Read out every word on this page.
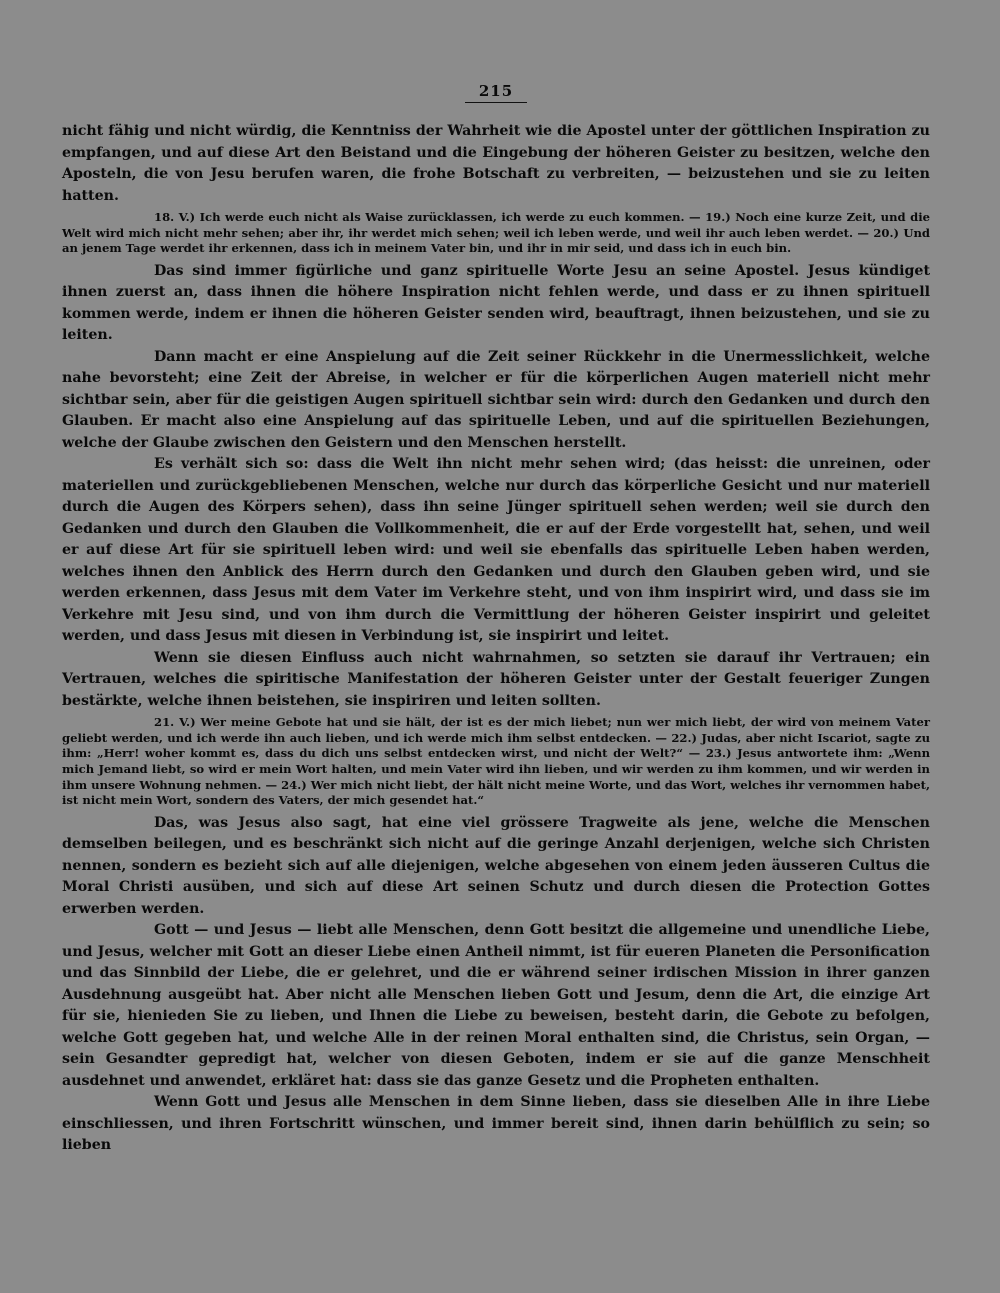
215

nicht fähig und nicht würdig, die Kenntniss der Wahrheit wie die Apostel unter der göttlichen Inspiration zu empfangen, und auf diese Art den Beistand und die Eingebung der höheren Geister zu besitzen, welche den Aposteln, die von Jesu berufen waren, die frohe Botschaft zu verbreiten, — beizustehen und sie zu leiten hatten.

18. V.) Ich werde euch nicht als Waise zurücklassen, ich werde zu euch kommen. — 19.) Noch eine kurze Zeit, und die Welt wird mich nicht mehr sehen; aber ihr, ihr werdet mich sehen; weil ich leben werde, und weil ihr auch leben werdet. — 20.) Und an jenem Tage werdet ihr erkennen, dass ich in meinem Vater bin, und ihr in mir seid, und dass ich in euch bin.

Das sind immer figürliche und ganz spirituelle Worte Jesu an seine Apostel. Jesus kündiget ihnen zuerst an, dass ihnen die höhere Inspiration nicht fehlen werde, und dass er zu ihnen spirituell kommen werde, indem er ihnen die höheren Geister senden wird, beauftragt, ihnen beizustehen, und sie zu leiten.

Dann macht er eine Anspielung auf die Zeit seiner Rückkehr in die Unermesslichkeit, welche nahe bevorsteht; eine Zeit der Abreise, in welcher er für die körperlichen Augen materiell nicht mehr sichtbar sein, aber für die geistigen Augen spirituell sichtbar sein wird: durch den Gedanken und durch den Glauben. Er macht also eine Anspielung auf das spirituelle Leben, und auf die spirituellen Beziehungen, welche der Glaube zwischen den Geistern und den Menschen herstellt.

Es verhält sich so: dass die Welt ihn nicht mehr sehen wird; (das heisst: die unreinen, oder materiellen und zurückgebliebenen Menschen, welche nur durch das körperliche Gesicht und nur materiell durch die Augen des Körpers sehen), dass ihn seine Jünger spirituell sehen werden; weil sie durch den Gedanken und durch den Glauben die Vollkommenheit, die er auf der Erde vorgestellt hat, sehen, und weil er auf diese Art für sie spirituell leben wird: und weil sie ebenfalls das spirituelle Leben haben werden, welches ihnen den Anblick des Herrn durch den Gedanken und durch den Glauben geben wird, und sie werden erkennen, dass Jesus mit dem Vater im Verkehre steht, und von ihm inspirirt wird, und dass sie im Verkehre mit Jesu sind, und von ihm durch die Vermittlung der höheren Geister inspirirt und geleitet werden, und dass Jesus mit diesen in Verbindung ist, sie inspirirt und leitet.

Wenn sie diesen Einfluss auch nicht wahrnahmen, so setzten sie darauf ihr Vertrauen; ein Vertrauen, welches die spiritische Manifestation der höheren Geister unter der Gestalt feueriger Zungen bestärkte, welche ihnen beistehen, sie inspiriren und leiten sollten.

21. V.) Wer meine Gebote hat und sie hält, der ist es der mich liebet; nun wer mich liebt, der wird von meinem Vater geliebt werden, und ich werde ihn auch lieben, und ich werde mich ihm selbst entdecken. — 22.) Judas, aber nicht Iscariot, sagte zu ihm: „Herr! woher kommt es, dass du dich uns selbst entdecken wirst, und nicht der Welt?“ — 23.) Jesus antwortete ihm: „Wenn mich Jemand liebt, so wird er mein Wort halten, und mein Vater wird ihn lieben, und wir werden zu ihm kommen, und wir werden in ihm unsere Wohnung nehmen. — 24.) Wer mich nicht liebt, der hält nicht meine Worte, und das Wort, welches ihr vernommen habet, ist nicht mein Wort, sondern des Vaters, der mich gesendet hat.“

Das, was Jesus also sagt, hat eine viel grössere Tragweite als jene, welche die Menschen demselben beilegen, und es beschränkt sich nicht auf die geringe Anzahl derjenigen, welche sich Christen nennen, sondern es bezieht sich auf alle diejenigen, welche abgesehen von einem jeden äusseren Cultus die Moral Christi ausüben, und sich auf diese Art seinen Schutz und durch diesen die Protection Gottes erwerben werden.

Gott — und Jesus — liebt alle Menschen, denn Gott besitzt die allgemeine und unendliche Liebe, und Jesus, welcher mit Gott an dieser Liebe einen Antheil nimmt, ist für eueren Planeten die Personification und das Sinnbild der Liebe, die er gelehret, und die er während seiner irdischen Mission in ihrer ganzen Ausdehnung ausgeübt hat. Aber nicht alle Menschen lieben Gott und Jesum, denn die Art, die einzige Art für sie, hienieden Sie zu lieben, und Ihnen die Liebe zu beweisen, besteht darin, die Gebote zu befolgen, welche Gott gegeben hat, und welche Alle in der reinen Moral enthalten sind, die Christus, sein Organ, — sein Gesandter gepredigt hat, welcher von diesen Geboten, indem er sie auf die ganze Menschheit ausdehnet und anwendet, erkläret hat: dass sie das ganze Gesetz und die Propheten enthalten.

Wenn Gott und Jesus alle Menschen in dem Sinne lieben, dass sie dieselben Alle in ihre Liebe einschliessen, und ihren Fortschritt wünschen, und immer bereit sind, ihnen darin behülflich zu sein; so lieben
